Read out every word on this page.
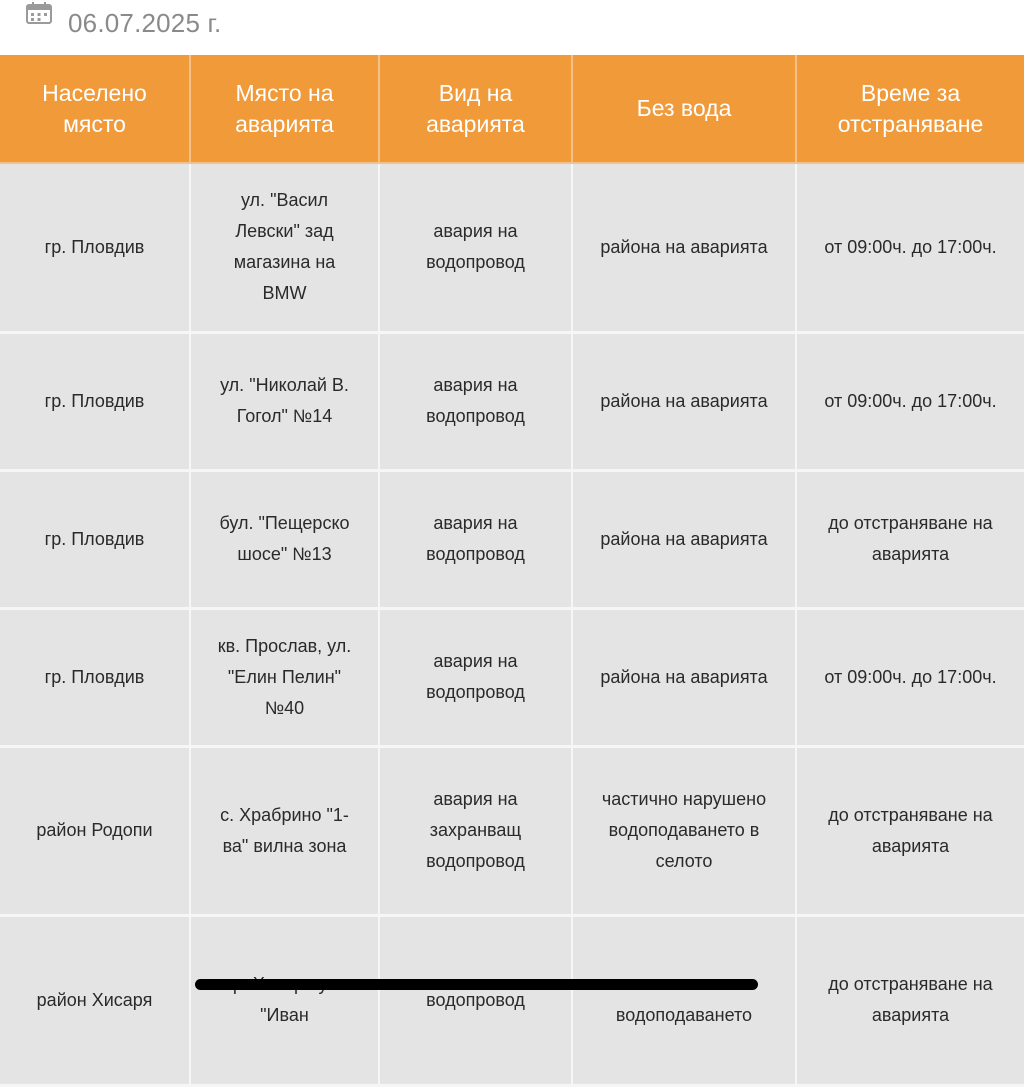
06.07.2025 г.
Населено място	Място на аварията	Вид на аварията	Без вода	Време за отстраняване
гр. Пловдив	ул. "Васил Левски" зад магазина на BMW	авария на водопровод	района на аварията	от 09:00ч. до 17:00ч.
гр. Пловдив	ул. "Николай В. Гогол" №14	авария на водопровод	района на аварията	от 09:00ч. до 17:00ч.
гр. Пловдив	бул. "Пещерско шосе" №13	авария на водопровод	района на аварията	до отстраняване на аварията
гр. Пловдив	кв. Прослав, ул. "Елин Пелин" №40	авария на водопровод	района на аварията	от 09:00ч. до 17:00ч.
район Родопи	с. Храбрино "1-ва" вилна зона	авария на захранващ водопровод	частично нарушено водоподаването в селото	до отстраняване на аварията
район Хисаря	"Иван	водопровод	водоподаването	до отстраняване на аварията
